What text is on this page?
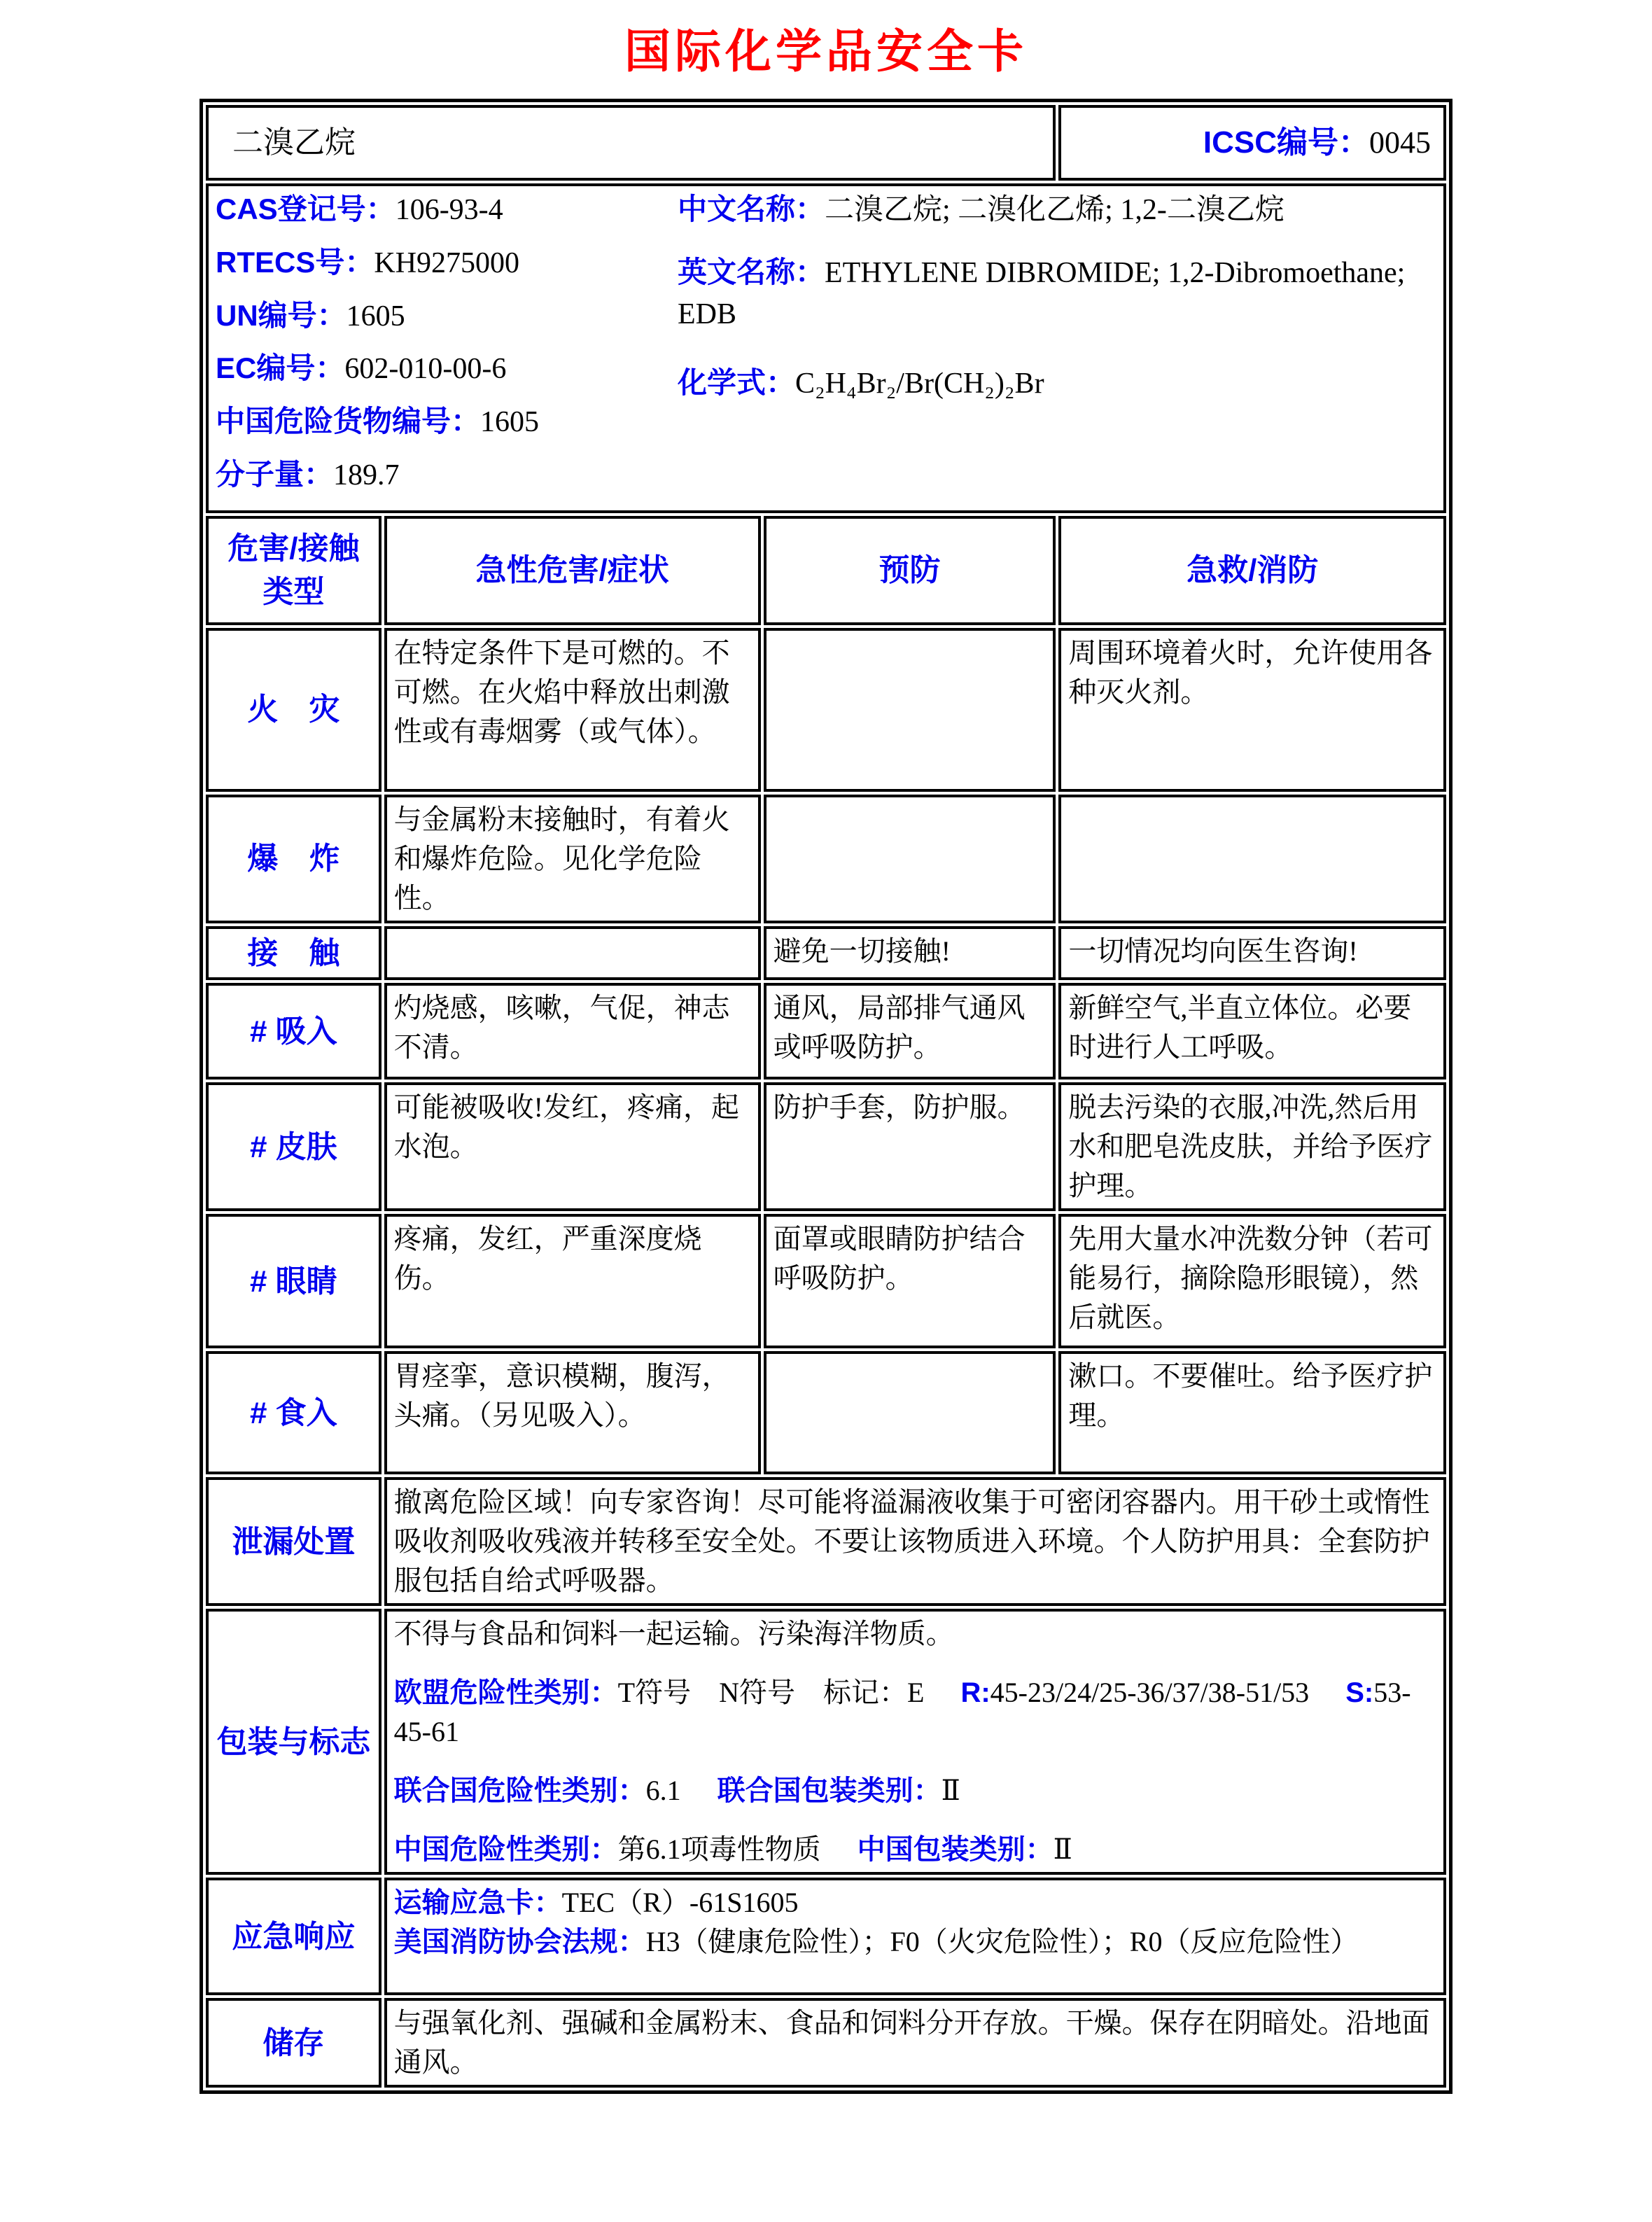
国际化学品安全卡
二溴乙烷			ICSC编号：0045

CAS登记号：106-93-4

RTECS号：KH9275000

UN编号：1605

EC编号：602-010-00-6

中国危险货物编号：1605

分子量：189.7

中文名称：二溴乙烷; 二溴化乙烯; 1,2-二溴乙烷

英文名称：ETHYLENE DIBROMIDE; 1,2-Dibromoethane; EDB

化学式：C₂H₄Br₂/Br(CH₂)₂Br

危害/接触类型	急性危害/症状	预防	急救/消防
火　灾	在特定条件下是可燃的。不可燃。在火焰中释放出刺激性或有毒烟雾（或气体）。		周围环境着火时，允许使用各种灭火剂。
爆　炸	与金属粉末接触时，有着火和爆炸危险。见化学危险性。		
接　触		避免一切接触!	一切情况均向医生咨询!
# 吸入	灼烧感，咳嗽，气促，神志不清。	通风，局部排气通风或呼吸防护。	新鲜空气,半直立体位。必要时进行人工呼吸。
# 皮肤	可能被吸收!发红，疼痛，起水泡。	防护手套，防护服。	脱去污染的衣服,冲洗,然后用水和肥皂洗皮肤，并给予医疗护理。
# 眼睛	疼痛，发红，严重深度烧伤。	面罩或眼睛防护结合呼吸防护。	先用大量水冲洗数分钟（若可能易行，摘除隐形眼镜），然后就医。
# 食入	胃痉挛，意识模糊，腹泻，头痛。（另见吸入）。		漱口。不要催吐。给予医疗护理。
泄漏处置	撤离危险区域！向专家咨询！尽可能将溢漏液收集于可密闭容器内。用干砂土或惰性吸收剂吸收残液并转移至安全处。不要让该物质进入环境。个人防护用具：全套防护服包括自给式呼吸器。		
包装与标志	不得与食品和饲料一起运输。污染海洋物质。

欧盟危险性类别：T符号　N符号　标记：E R:45-23/24/25-36/37/38-51/53 S:53-45-61

联合国危险性类别：6.1 联合国包装类别：Ⅱ

中国危险性类别：第6.1项毒性物质 中国包装类别：Ⅱ		

应急响应	运输应急卡：TEC（R）-61S1605

美国消防协会法规：H3（健康危险性）；F0（火灾危险性）；R0（反应危险性）		

储存	与强氧化剂、强碱和金属粉末、食品和饲料分开存放。干燥。保存在阴暗处。沿地面通风。		
